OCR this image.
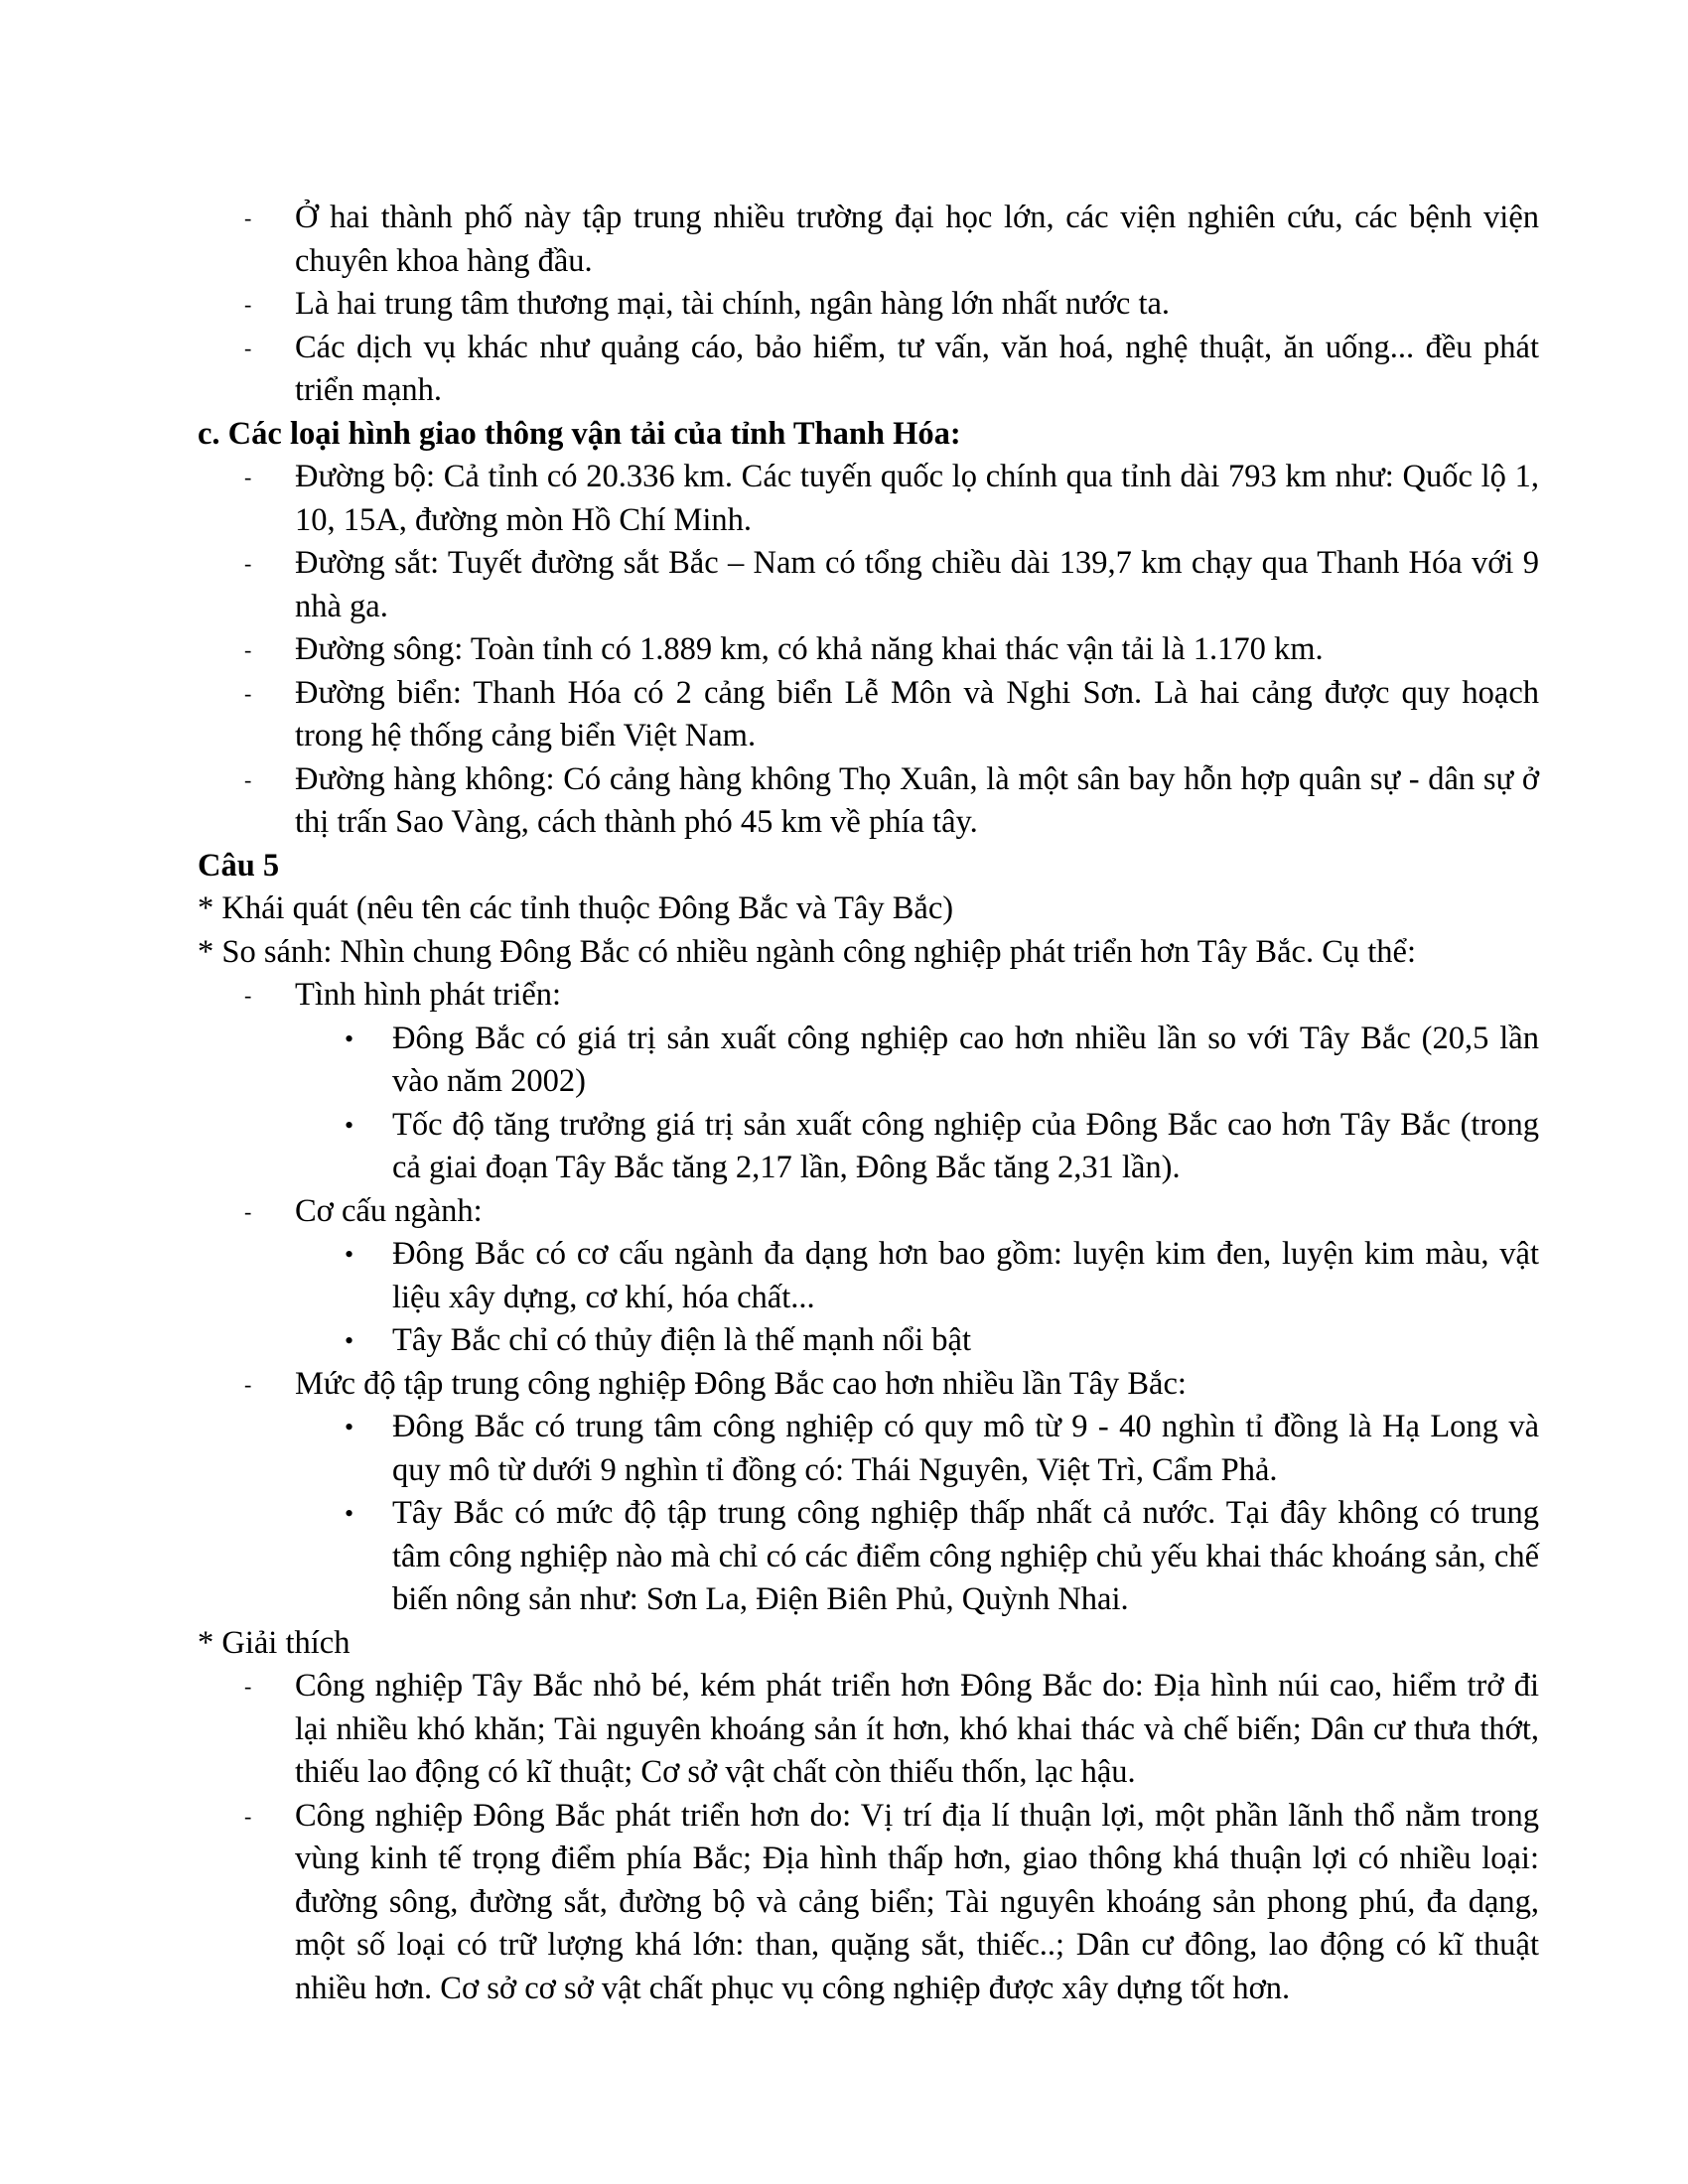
- Ở hai thành phố này tập trung nhiều trường đại học lớn, các viện nghiên cứu, các bệnh viện chuyên khoa hàng đầu.
- Là hai trung tâm thương mại, tài chính, ngân hàng lớn nhất nước ta.
- Các dịch vụ khác như quảng cáo, bảo hiểm, tư vấn, văn hoá, nghệ thuật, ăn uống... đều phát triển mạnh.
c. Các loại hình giao thông vận tải của tỉnh Thanh Hóa:
- Đường bộ: Cả tỉnh có 20.336 km. Các tuyến quốc lọ chính qua tỉnh dài 793 km như: Quốc lộ 1, 10, 15A, đường mòn Hồ Chí Minh.
- Đường sắt: Tuyết đường sắt Bắc – Nam có tổng chiều dài 139,7 km chạy qua Thanh Hóa với 9 nhà ga.
- Đường sông: Toàn tỉnh có 1.889 km, có khả năng khai thác vận tải là 1.170 km.
- Đường biển: Thanh Hóa có 2 cảng biển Lễ Môn và Nghi Sơn. Là hai cảng được quy hoạch trong hệ thống cảng biển Việt Nam.
- Đường hàng không: Có cảng hàng không Thọ Xuân, là một sân bay hỗn hợp quân sự - dân sự ở thị trấn Sao Vàng, cách thành phó 45 km về phía tây.
Câu 5
* Khái quát (nêu tên các tỉnh thuộc Đông Bắc và Tây Bắc)
* So sánh: Nhìn chung Đông Bắc có nhiều ngành công nghiệp phát triển hơn Tây Bắc. Cụ thể:
- Tình hình phát triển:
• Đông Bắc có giá trị sản xuất công nghiệp cao hơn nhiều lần so với Tây Bắc (20,5 lần vào năm 2002)
• Tốc độ tăng trưởng giá trị sản xuất công nghiệp của Đông Bắc cao hơn Tây Bắc (trong cả giai đoạn Tây Bắc tăng 2,17 lần, Đông Bắc tăng 2,31 lần).
- Cơ cấu ngành:
• Đông Bắc có cơ cấu ngành đa dạng hơn bao gồm: luyện kim đen, luyện kim màu, vật liệu xây dựng, cơ khí, hóa chất...
• Tây Bắc chỉ có thủy điện là thế mạnh nổi bật
- Mức độ tập trung công nghiệp Đông Bắc cao hơn nhiều lần Tây Bắc:
• Đông Bắc có trung tâm công nghiệp có quy mô từ 9 - 40 nghìn tỉ đồng là Hạ Long và quy mô từ dưới 9 nghìn tỉ đồng có: Thái Nguyên, Việt Trì, Cẩm Phả.
• Tây Bắc có mức độ tập trung công nghiệp thấp nhất cả nước. Tại đây không có trung tâm công nghiệp nào mà chỉ có các điểm công nghiệp chủ yếu khai thác khoáng sản, chế biến nông sản như: Sơn La, Điện Biên Phủ, Quỳnh Nhai.
* Giải thích
- Công nghiệp Tây Bắc nhỏ bé, kém phát triển hơn Đông Bắc do: Địa hình núi cao, hiểm trở đi lại nhiều khó khăn; Tài nguyên khoáng sản ít hơn, khó khai thác và chế biến; Dân cư thưa thớt, thiếu lao động có kĩ thuật; Cơ sở vật chất còn thiếu thốn, lạc hậu.
- Công nghiệp Đông Bắc phát triển hơn do: Vị trí địa lí thuận lợi, một phần lãnh thổ nằm trong vùng kinh tế trọng điểm phía Bắc; Địa hình thấp hơn, giao thông khá thuận lợi có nhiều loại: đường sông, đường sắt, đường bộ và cảng biển; Tài nguyên khoáng sản phong phú, đa dạng, một số loại có trữ lượng khá lớn: than, quặng sắt, thiếc..; Dân cư đông, lao động có kĩ thuật nhiều hơn. Cơ sở cơ sở vật chất phục vụ công nghiệp được xây dựng tốt hơn.
